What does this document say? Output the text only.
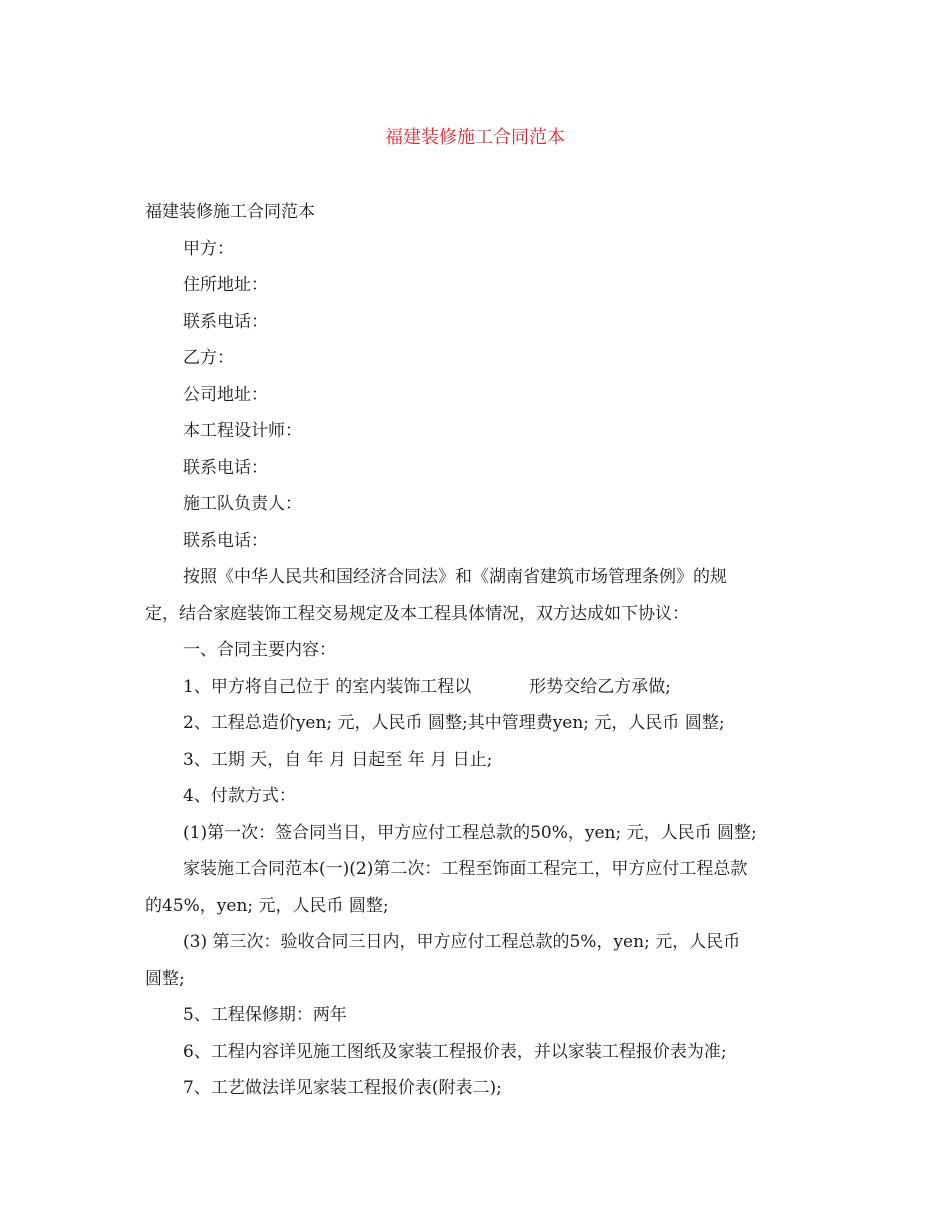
福建装修施工合同范本

福建装修施工合同范本

甲方：

住所地址：

联系电话：

乙方：

公司地址：

本工程设计师：

联系电话：

施工队负责人：

联系电话：

按照《中华人民共和国经济合同法》和《湖南省建筑市场管理条例》的规

定，结合家庭装饰工程交易规定及本工程具体情况，双方达成如下协议：

一、合同主要内容：

1、甲方将自己位于 的室内装饰工程以	形势交给乙方承做;

2、工程总造价yen; 元，人民币 圆整;其中管理费yen; 元，人民币 圆整;

3、工期 天，自 年 月 日起至 年 月 日止;

4、付款方式：

(1)第一次：签合同当日，甲方应付工程总款的50%，yen; 元，人民币 圆整;

家装施工合同范本(一)(2)第二次：工程至饰面工程完工，甲方应付工程总款

的45%，yen; 元，人民币 圆整;

(3) 第三次：验收合同三日内，甲方应付工程总款的5%，yen; 元，人民币

圆整;

5、工程保修期：两年

6、工程内容详见施工图纸及家装工程报价表，并以家装工程报价表为准;

7、工艺做法详见家装工程报价表(附表二);
